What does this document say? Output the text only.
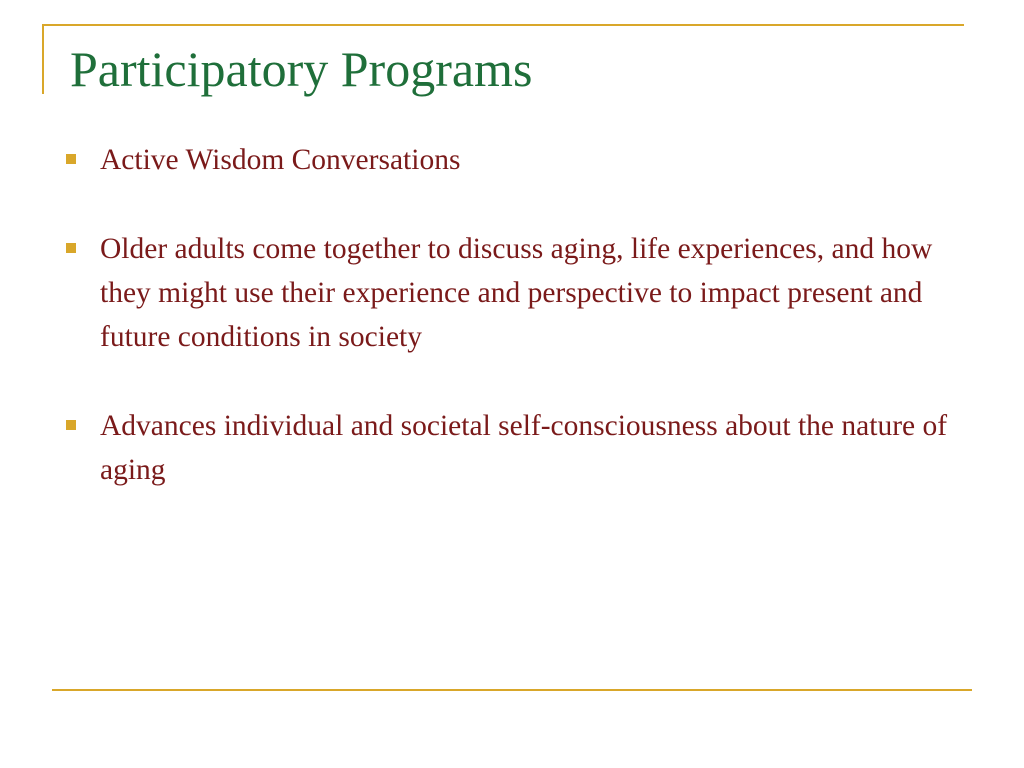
Participatory Programs
Active Wisdom Conversations
Older adults come together to discuss aging, life experiences, and how they might use their experience and perspective to impact present and future conditions in society
Advances individual and societal self-consciousness about the nature of aging
